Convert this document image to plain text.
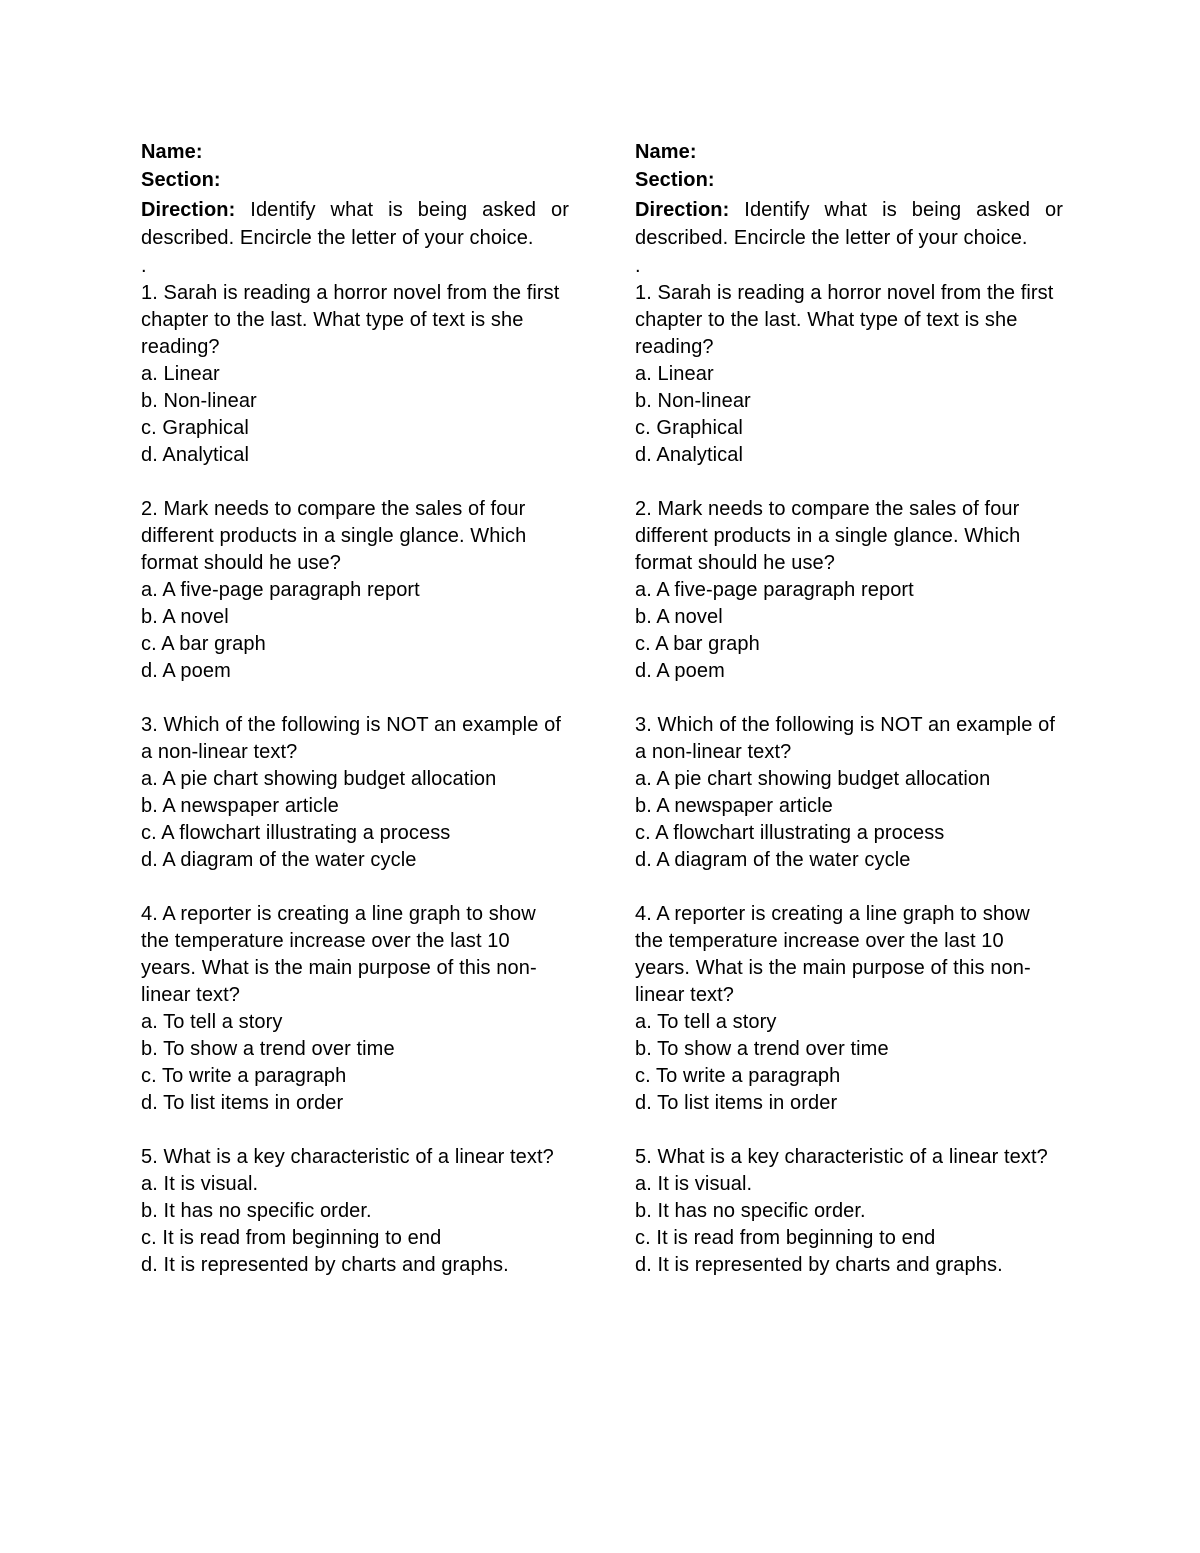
Name:
Section:
Direction: Identify what is being asked or described. Encircle the letter of your choice.
.
1. Sarah is reading a horror novel from the first chapter to the last. What type of text is she reading?
a. Linear
b. Non-linear
c. Graphical
d. Analytical
2. Mark needs to compare the sales of four different products in a single glance. Which format should he use?
a. A five-page paragraph report
b. A novel
c. A bar graph
d. A poem
3. Which of the following is NOT an example of a non-linear text?
a. A pie chart showing budget allocation
b. A newspaper article
c. A flowchart illustrating a process
d. A diagram of the water cycle
4. A reporter is creating a line graph to show the temperature increase over the last 10 years. What is the main purpose of this non-linear text?
a. To tell a story
b. To show a trend over time
c. To write a paragraph
d. To list items in order
5. What is a key characteristic of a linear text?
a. It is visual.
b. It has no specific order.
c. It is read from beginning to end
d. It is represented by charts and graphs.
Name:
Section:
Direction: Identify what is being asked or described. Encircle the letter of your choice.
.
1. Sarah is reading a horror novel from the first chapter to the last. What type of text is she reading?
a. Linear
b. Non-linear
c. Graphical
d. Analytical
2. Mark needs to compare the sales of four different products in a single glance. Which format should he use?
a. A five-page paragraph report
b. A novel
c. A bar graph
d. A poem
3. Which of the following is NOT an example of a non-linear text?
a. A pie chart showing budget allocation
b. A newspaper article
c. A flowchart illustrating a process
d. A diagram of the water cycle
4. A reporter is creating a line graph to show the temperature increase over the last 10 years. What is the main purpose of this non-linear text?
a. To tell a story
b. To show a trend over time
c. To write a paragraph
d. To list items in order
5. What is a key characteristic of a linear text?
a. It is visual.
b. It has no specific order.
c. It is read from beginning to end
d. It is represented by charts and graphs.
